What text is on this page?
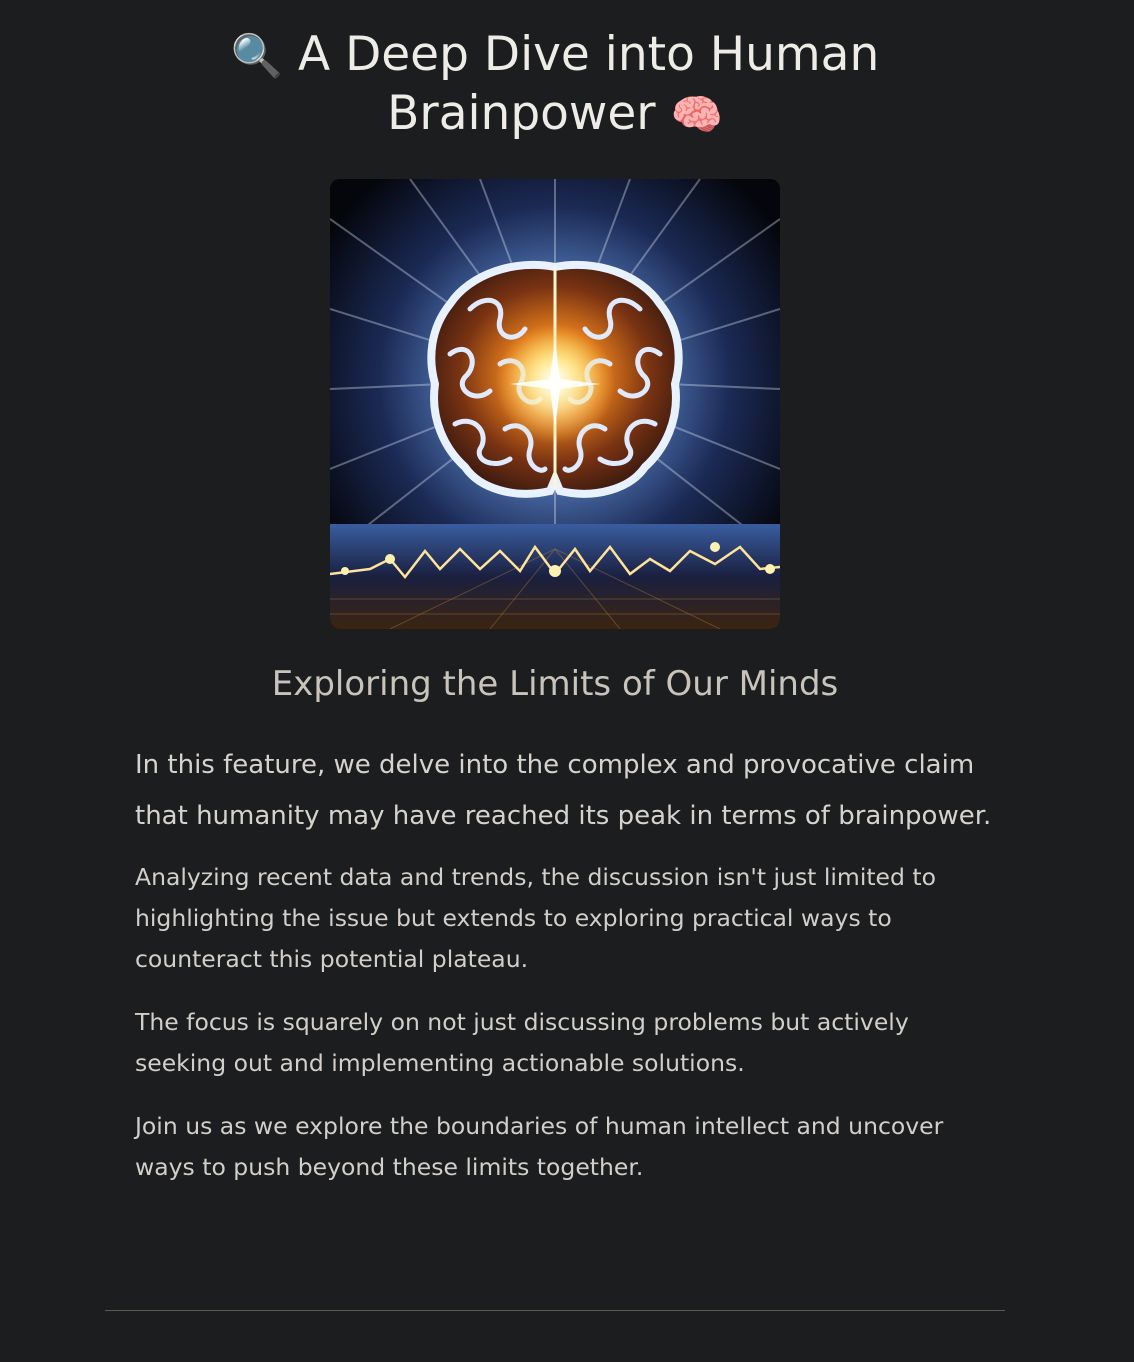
🔍 A Deep Dive into Human
Brainpower 🧠
Exploring the Limits of Our Minds

In this feature, we delve into the complex and provocative claim that humanity may have reached its peak in terms of brainpower.

Analyzing recent data and trends, the discussion isn't just limited to highlighting the issue but extends to exploring practical ways to counteract this potential plateau.

The focus is squarely on not just discussing problems but actively seeking out and implementing actionable solutions.

Join us as we explore the boundaries of human intellect and uncover ways to push beyond these limits together.
